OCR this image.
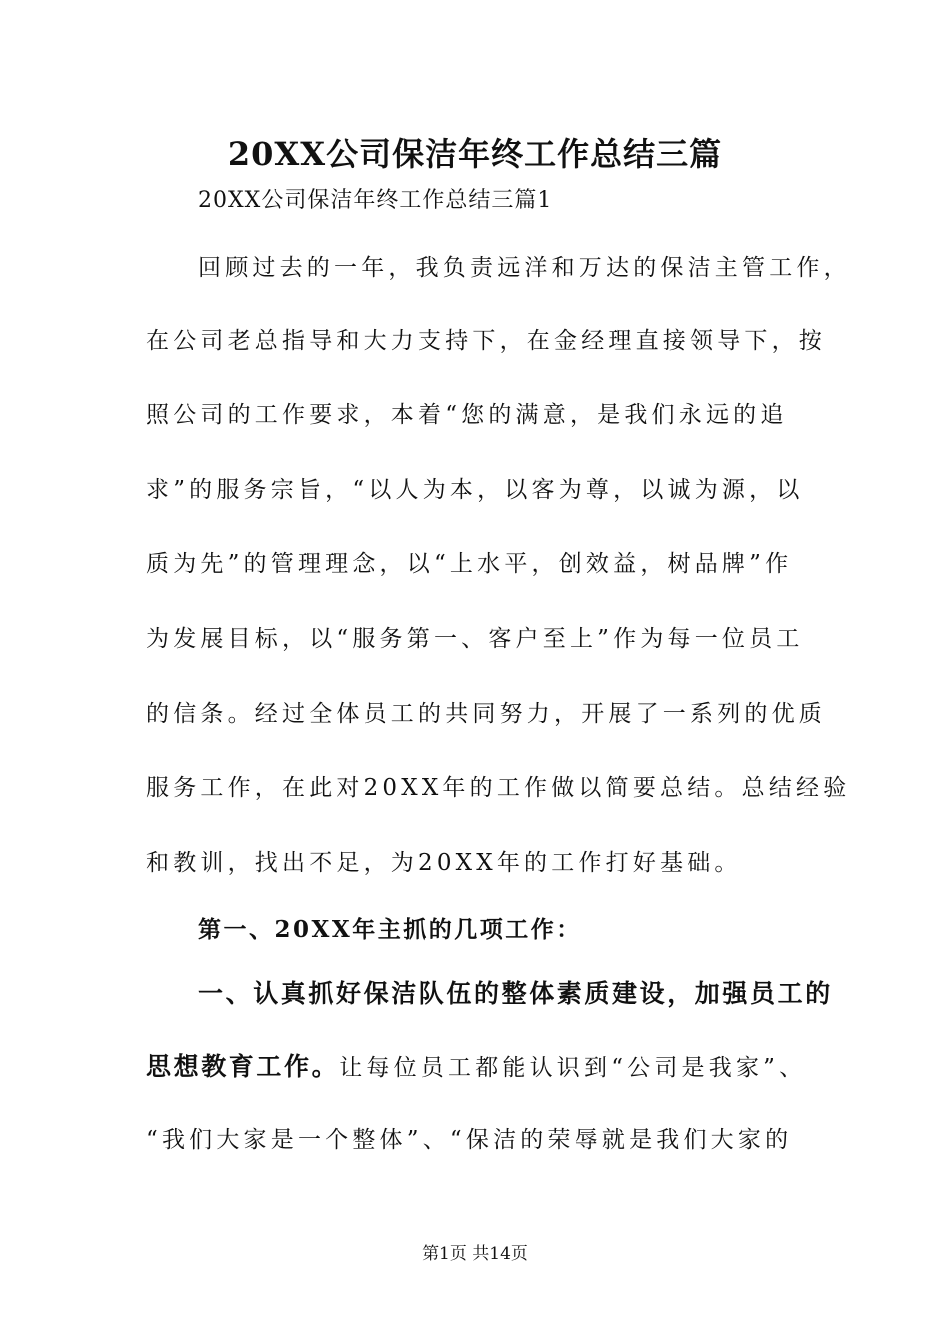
20XX公司保洁年终工作总结三篇
20XX公司保洁年终工作总结三篇1
回顾过去的一年，我负责远洋和万达的保洁主管工作，
在公司老总指导和大力支持下，在金经理直接领导下，按
照公司的工作要求，本着“您的满意，是我们永远的追
求”的服务宗旨，“以人为本，以客为尊，以诚为源，以
质为先”的管理理念，以“上水平，创效益，树品牌”作
为发展目标，以“服务第一、客户至上”作为每一位员工
的信条。经过全体员工的共同努力，开展了一系列的优质
服务工作，在此对20XX年的工作做以简要总结。总结经验
和教训，找出不足，为20XX年的工作打好基础。
第一、20XX年主抓的几项工作：
一、认真抓好保洁队伍的整体素质建设，加强员工的
思想教育工作。让每位员工都能认识到“公司是我家”、
“我们大家是一个整体”、“保洁的荣辱就是我们大家的
第1页 共14页
